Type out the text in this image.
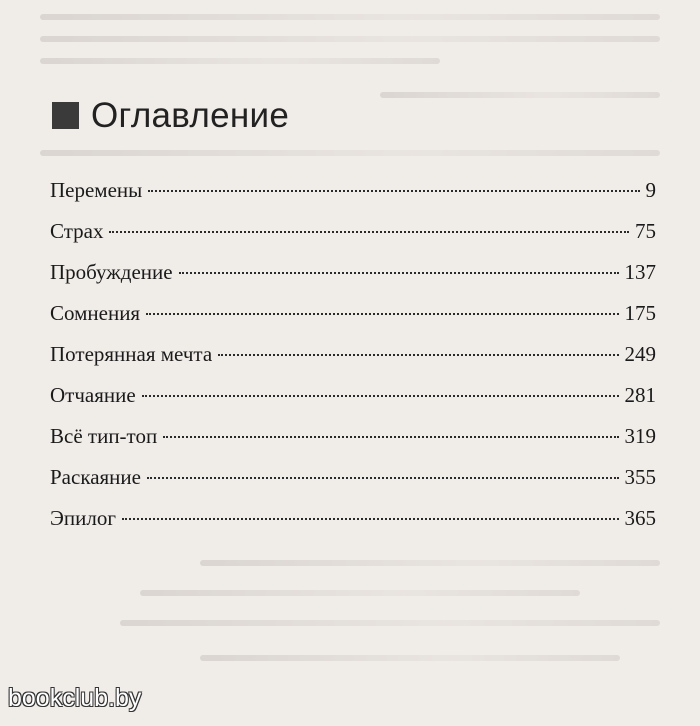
Оглавление
Перемены	9
Страх	75
Пробуждение	137
Сомнения	175
Потерянная мечта	249
Отчаяние	281
Всё тип-топ	319
Раскаяние	355
Эпилог	365
bookclub.by
